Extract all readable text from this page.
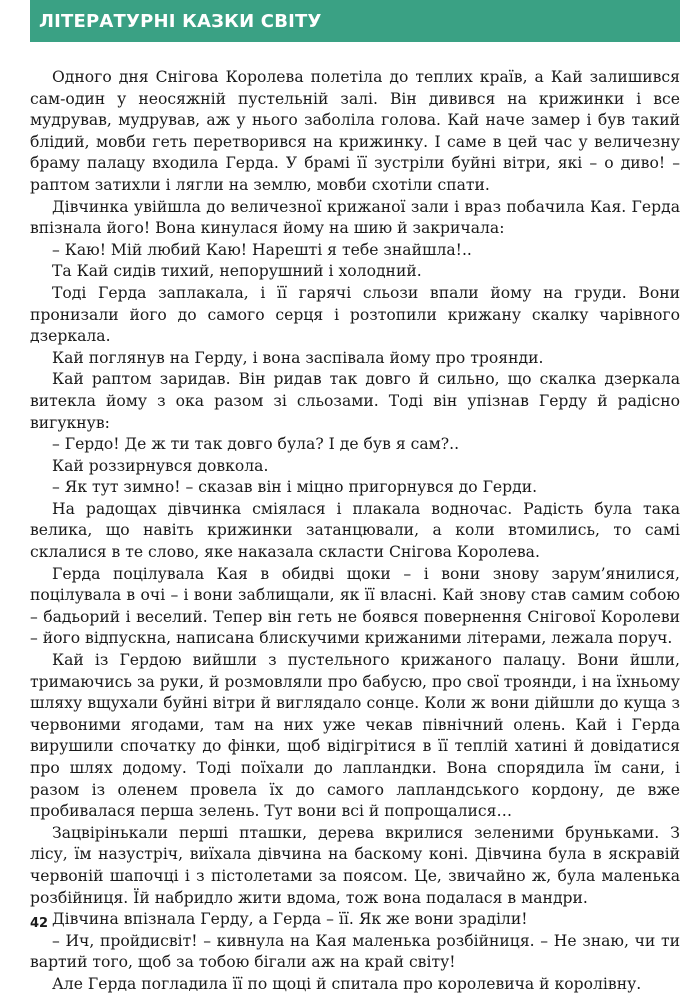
ЛІТЕРАТУРНІ КАЗКИ СВІТУ

Одного дня Снігова Королева полетіла до теплих країв, а Кай залишився сам-один у неосяжній пустельній залі. Він дивився на крижинки і все мудрував, мудрував, аж у нього заболіла голова. Кай наче замер і був такий блідий, мовби геть перетворився на крижинку. І саме в цей час у величезну браму палацу входила Герда. У брамі її зустріли буйні вітри, які – о диво! – раптом затихли і лягли на землю, мовби схотіли спати.

Дівчинка увійшла до величезної крижаної зали і враз побачила Кая. Герда впізнала його! Вона кинулася йому на шию й закричала:

– Каю! Мій любий Каю! Нарешті я тебе знайшла!..

Та Кай сидів тихий, непорушний і холодний.

Тоді Герда заплакала, і її гарячі сльози впали йому на груди. Вони пронизали його до самого серця і розтопили крижану скалку чарівного дзеркала.

Кай поглянув на Герду, і вона заспівала йому про троянди.

Кай раптом заридав. Він ридав так довго й сильно, що скалка дзеркала витекла йому з ока разом зі сльозами. Тоді він упізнав Герду й радісно вигукнув:

– Гердо! Де ж ти так довго була? І де був я сам?..

Кай роззирнувся довкола.

– Як тут зимно! – сказав він і міцно пригорнувся до Герди.

На радощах дівчинка сміялася і плакала водночас. Радість була така велика, що навіть крижинки затанцювали, а коли втомились, то самі склалися в те слово, яке наказала скласти Снігова Королева.

Герда поцілувала Кая в обидві щоки – і вони знову зарум’янилися, поцілувала в очі – і вони заблищали, як її власні. Кай знову став самим собою – бадьорий і веселий. Тепер він геть не боявся повернення Снігової Королеви – його відпускна, написана блискучими крижаними літерами, лежала поруч.

Кай із Гердою вийшли з пустельного крижаного палацу. Вони йшли, тримаючись за руки, й розмовляли про бабусю, про свої троянди, і на їхньому шляху вщухали буйні вітри й виглядало сонце. Коли ж вони дійшли до куща з червоними ягодами, там на них уже чекав північний олень. Кай і Герда вирушили спочатку до фінки, щоб відігрітися в її теплій хатині й довідатися про шлях додому. Тоді поїхали до лапландки. Вона спорядила їм сани, і разом із оленем провела їх до самого лапландського кордону, де вже пробивалася перша зелень. Тут вони всі й попрощалися…

Зацвірінькали перші пташки, дерева вкрилися зеленими бруньками. З лісу, їм назустріч, виїхала дівчина на баскому коні. Дівчина була в яскравій червоній шапочці і з пістолетами за поясом. Це, звичайно ж, була маленька розбійниця. Їй набридло жити вдома, тож вона подалася в мандри.

Дівчина впізнала Герду, а Герда – її. Як же вони зраділи!

– Ич, пройдисвіт! – кивнула на Кая маленька розбійниця. – Не знаю, чи ти вартий того, щоб за тобою бігали аж на край світу!

Але Герда погладила її по щоці й спитала про королевича й королівну.

42
